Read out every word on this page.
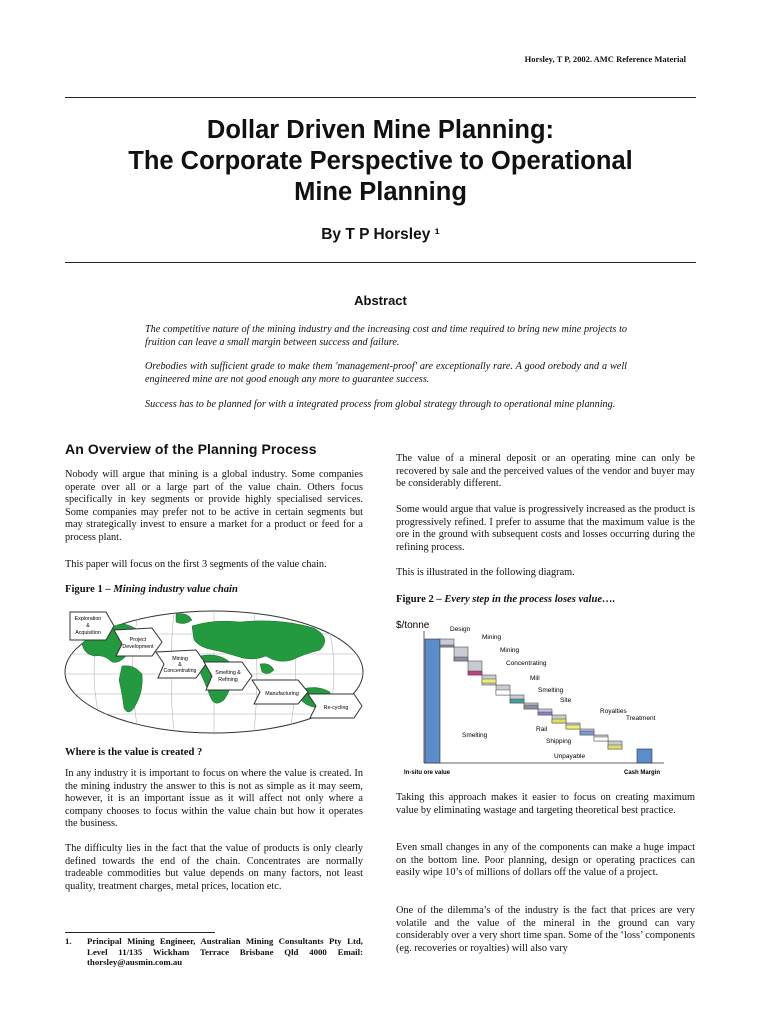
Horsley, T P, 2002. AMC Reference Material
Dollar Driven Mine Planning:
The Corporate Perspective to Operational
Mine Planning
By T P Horsley ¹
Abstract
The competitive nature of the mining industry and the increasing cost and time required to bring new mine projects to fruition can leave a small margin between success and failure.
Orebodies with sufficient grade to make them 'management-proof' are exceptionally rare. A good orebody and a well engineered mine are not good enough any more to guarantee success.
Success has to be planned for with a integrated process from global strategy through to operational mine planning.
An Overview of the Planning Process
Nobody will argue that mining is a global industry. Some companies operate over all or a large part of the value chain. Others focus specifically in key segments or provide highly specialised services. Some companies may prefer not to be active in certain segments but may strategically invest to ensure a market for a product or feed for a process plant.
This paper will focus on the first 3 segments of the value chain.
Figure 1 – Mining industry value chain
Exploration
&
Acquisition
Project
Development
Mining
&
Concentrating	Smelting &
Refining
Manufacturing
Re-cycling
Where is the value is created ?
In any industry it is important to focus on where the value is created. In the mining industry the answer to this is not as simple as it may seem, however, it is an important issue as it will affect not only where a company chooses to focus within the value chain but how it operates the business.
The difficulty lies in the fact that the value of products is only clearly defined towards the end of the chain. Concentrates are normally tradeable commodities but value depends on many factors, not least quality, treatment charges, metal prices, location etc.
1. Principal Mining Engineer, Australian Mining Consultants Pty Ltd, Level 11/135 Wickham Terrace Brisbane Qld 4000 Email: thorsley@ausmin.com.au
The value of a mineral deposit or an operating mine can only be recovered by sale and the perceived values of the vendor and buyer may be considerably different.
Some would argue that value is progressively increased as the product is progressively refined. I prefer to assume that the maximum value is the ore in the ground with subsequent costs and losses occurring during the refining process.
This is illustrated in the following diagram.
Figure 2 – Every step in the process loses value….
$/tonne	Design
Mining
Mining
Concentrating
Mill
Smelting
Site
Rail
Shipping
Smelting
Royalties
Treatment
Unpayable
In-situ ore value	Cash Margin
Taking this approach makes it easier to focus on creating maximum value by eliminating wastage and targeting theoretical best practice.
Even small changes in any of the components can make a huge impact on the bottom line. Poor planning, design or operating practices can easily wipe 10’s of millions of dollars off the value of a project.
One of the dilemma’s of the industry is the fact that prices are very volatile and the value of the mineral in the ground can vary considerably over a very short time span. Some of the ‘loss’ components (eg. recoveries or royalties) will also vary
